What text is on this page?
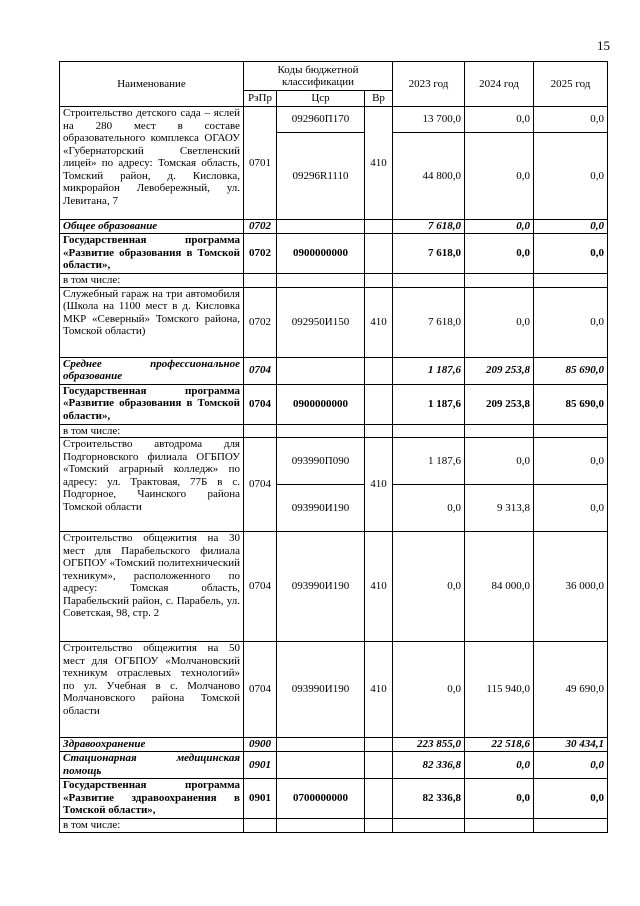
15
Наименование	Коды бюджетной классификации			2023 год	2024 год	2025 год
	РзПр	Цср	Вр			
Строительство детского сада – яслей на 280 мест в составе образовательного комплекса ОГАОУ «Губернаторский Светленский лицей» по адресу: Томская область, Томский район, д. Кисловка, микрорайон Левобережный, ул. Левитана, 7	0701	092960П170	410	13 700,0	0,0	0,0
		09296R1110		44 800,0	0,0	0,0
Общее образование	0702			7 618,0	0,0	0,0
Государственная программа «Развитие образования в Томской области»,	0702	0900000000		7 618,0	0,0	0,0
в том числе:						
Служебный гараж на три автомобиля (Школа на 1100 мест в д. Кисловка МКР «Северный» Томского района, Томской области)	0702	092950И150	410	7 618,0	0,0	0,0
Среднее профессиональное образование	0704			1 187,6	209 253,8	85 690,0
Государственная программа «Развитие образования в Томской области»,	0704	0900000000		1 187,6	209 253,8	85 690,0
в том числе:						
Строительство автодрома для Подгорновского филиала ОГБПОУ «Томский аграрный колледж» по адресу: ул. Трактовая, 77Б в с. Подгорное, Чаинского района Томской области	0704	093990П090	410	1 187,6	0,0	0,0
		093990И190		0,0	9 313,8	0,0
Строительство общежития на 30 мест для Парабельского филиала ОГБПОУ «Томский политехнический техникум», расположенного по адресу: Томская область, Парабельский район, с. Парабель, ул. Советская, 98, стр. 2	0704	093990И190	410	0,0	84 000,0	36 000,0
Строительство общежития на 50 мест для ОГБПОУ «Молчановский техникум отраслевых технологий» по ул. Учебная в с. Молчаново Молчановского района Томской области	0704	093990И190	410	0,0	115 940,0	49 690,0
Здравоохранение	0900			223 855,0	22 518,6	30 434,1
Стационарная медицинская помощь	0901			82 336,8	0,0	0,0
Государственная программа «Развитие здравоохранения в Томской области»,	0901	0700000000		82 336,8	0,0	0,0
в том числе:						
